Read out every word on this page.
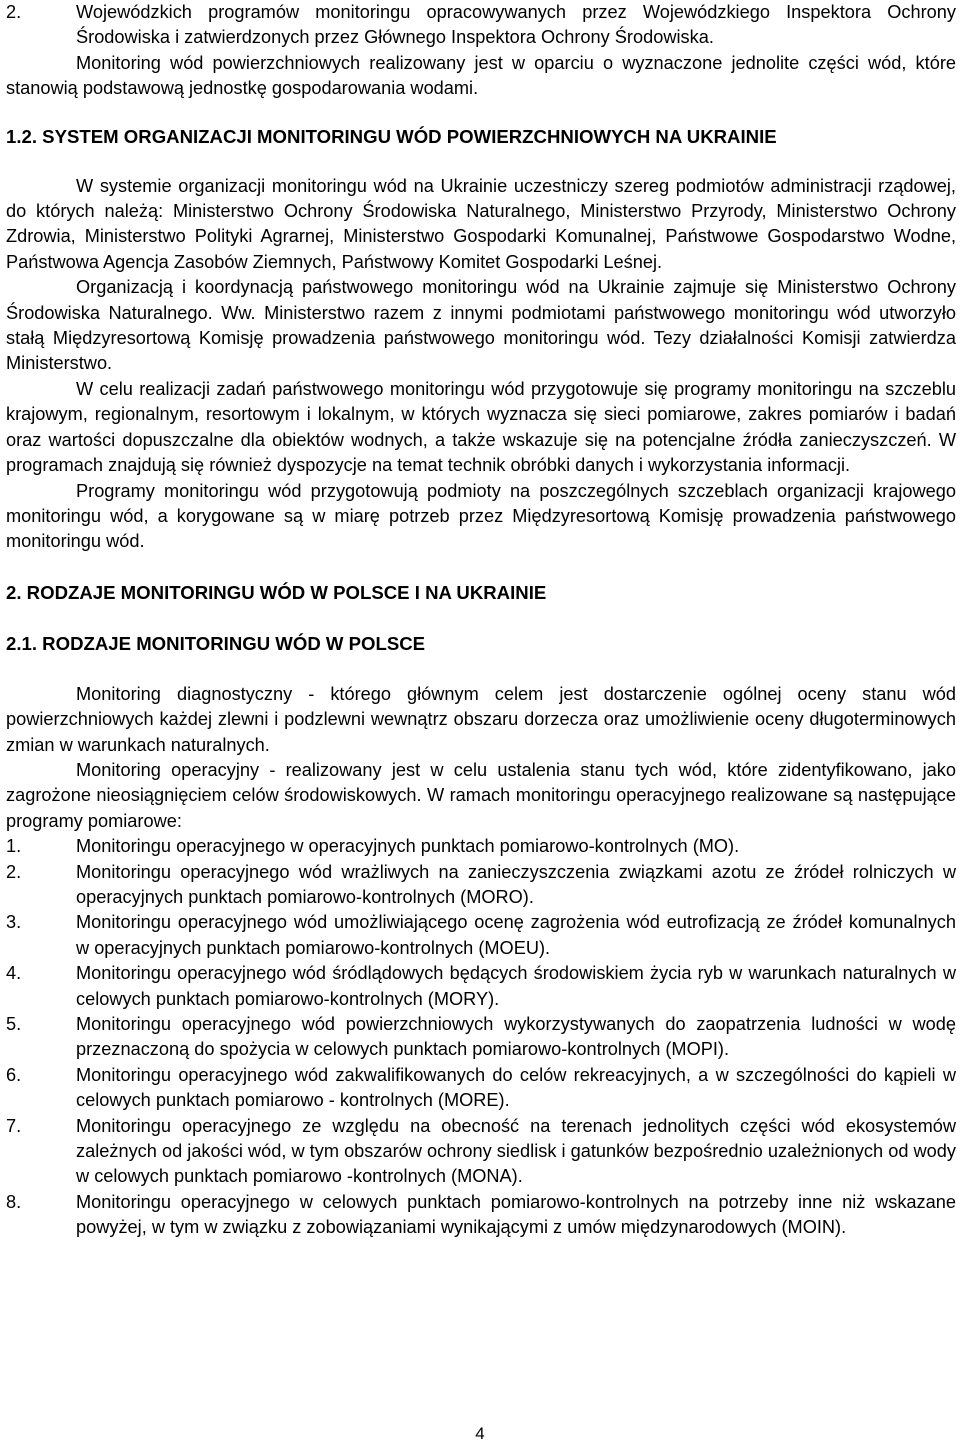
2.	Wojewódzkich programów monitoringu opracowywanych przez Wojewódzkiego Inspektora Ochrony Środowiska i zatwierdzonych przez Głównego Inspektora Ochrony Środowiska.

Monitoring wód powierzchniowych realizowany jest w oparciu o wyznaczone jednolite części wód, które stanowią podstawową jednostkę gospodarowania wodami.

1.2. SYSTEM ORGANIZACJI MONITORINGU WÓD POWIERZCHNIOWYCH NA UKRAINIE

W systemie organizacji monitoringu wód na Ukrainie uczestniczy szereg podmiotów administracji rządowej, do których należą: Ministerstwo Ochrony Środowiska Naturalnego, Ministerstwo Przyrody, Ministerstwo Ochrony Zdrowia, Ministerstwo Polityki Agrarnej, Ministerstwo Gospodarki Komunalnej, Państwowe Gospodarstwo Wodne, Państwowa Agencja Zasobów Ziemnych, Państwowy Komitet Gospodarki Leśnej.

Organizacją i koordynacją państwowego monitoringu wód na Ukrainie zajmuje się Ministerstwo Ochrony Środowiska Naturalnego. Ww. Ministerstwo razem z innymi podmiotami państwowego monitoringu wód utworzyło stałą Międzyresortową Komisję prowadzenia państwowego monitoringu wód. Tezy działalności Komisji zatwierdza Ministerstwo.

W celu realizacji zadań państwowego monitoringu wód przygotowuje się programy monitoringu na szczeblu krajowym, regionalnym, resortowym i lokalnym, w których wyznacza się sieci pomiarowe, zakres pomiarów i badań oraz wartości dopuszczalne dla obiektów wodnych, a także wskazuje się na potencjalne źródła zanieczyszczeń. W programach znajdują się również dyspozycje na temat technik obróbki danych i wykorzystania informacji.

Programy monitoringu wód przygotowują podmioty na poszczególnych szczeblach organizacji krajowego monitoringu wód, a korygowane są w miarę potrzeb przez Międzyresortową Komisję prowadzenia państwowego monitoringu wód.

2. RODZAJE MONITORINGU WÓD W POLSCE I NA UKRAINIE

2.1. RODZAJE MONITORINGU WÓD W POLSCE

Monitoring diagnostyczny - którego głównym celem jest dostarczenie ogólnej oceny stanu wód powierzchniowych każdej zlewni i podzlewni wewnątrz obszaru dorzecza oraz umożliwienie oceny długoterminowych zmian w warunkach naturalnych.

Monitoring operacyjny - realizowany jest w celu ustalenia stanu tych wód, które zidentyfikowano, jako zagrożone nieosiągnięciem celów środowiskowych. W ramach monitoringu operacyjnego realizowane są następujące programy pomiarowe:

1.	Monitoringu operacyjnego w operacyjnych punktach pomiarowo-kontrolnych (MO).
2.	Monitoringu operacyjnego wód wrażliwych na zanieczyszczenia związkami azotu ze źródeł rolniczych w operacyjnych punktach pomiarowo-kontrolnych (MORO).
3.	Monitoringu operacyjnego wód umożliwiającego ocenę zagrożenia wód eutrofizacją ze źródeł komunalnych w operacyjnych punktach pomiarowo-kontrolnych (MOEU).
4.	Monitoringu operacyjnego wód śródlądowych będących środowiskiem życia ryb w warunkach naturalnych w celowych punktach pomiarowo-kontrolnych (MORY).
5.	Monitoringu operacyjnego wód powierzchniowych wykorzystywanych do zaopatrzenia ludności w wodę przeznaczoną do spożycia w celowych punktach pomiarowo-kontrolnych (MOPI).
6.	Monitoringu operacyjnego wód zakwalifikowanych do celów rekreacyjnych, a w szczególności do kąpieli w celowych punktach pomiarowo - kontrolnych (MORE).
7.	Monitoringu operacyjnego ze względu na obecność na terenach jednolitych części wód ekosystemów zależnych od jakości wód, w tym obszarów ochrony siedlisk i gatunków bezpośrednio uzależnionych od wody w celowych punktach pomiarowo -kontrolnych (MONA).
8.	Monitoringu operacyjnego w celowych punktach pomiarowo-kontrolnych na potrzeby inne niż wskazane powyżej, w tym w związku z zobowiązaniami wynikającymi z umów międzynarodowych (MOIN).
4
